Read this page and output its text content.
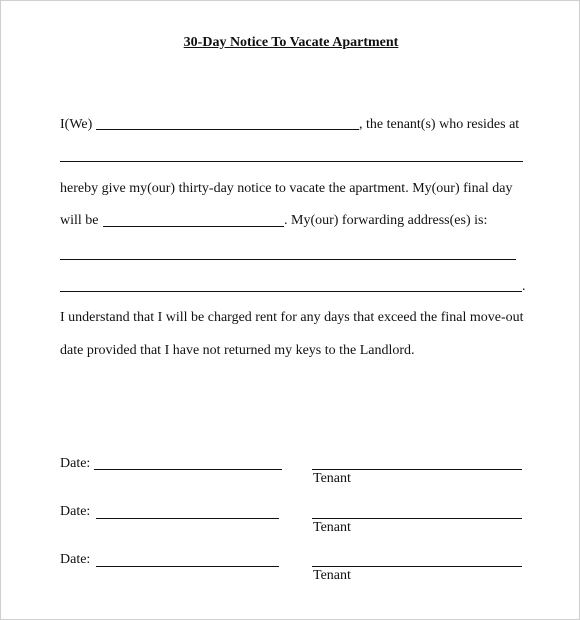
30-Day Notice To Vacate Apartment
I(We)	, the tenant(s) who resides at
hereby give my(our) thirty-day notice to vacate the apartment. My(our) final day
will be	. My(our) forwarding address(es) is:
.
I understand that I will be charged rent for any days that exceed the final move-out
date provided that I have not returned my keys to the Landlord.
Date:
Tenant
Date:
Tenant
Date:
Tenant
